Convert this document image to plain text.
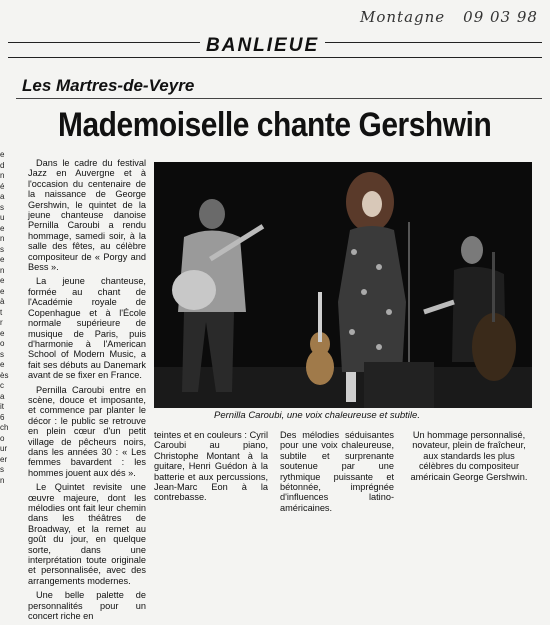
Montagne 09 03 98
BANLIEUE
Les Martres-de-Veyre
Mademoiselle chante Gershwin
e
d
n
é
a
s
u
e
n
s
e
n
e
e
à
t
r
e
o
s
e
ès
c
a
it
6
ch
o
ur
er
s
n

Dans le cadre du festival Jazz en Auvergne et à l'occasion du centenaire de la naissance de George Gershwin, le quintet de la jeune chanteuse danoise Pernilla Caroubi a rendu hommage, samedi soir, à la salle des fêtes, au célèbre compositeur de « Porgy and Bess ».

La jeune chanteuse, formée au chant de l'Académie royale de Copenhague et à l'École normale supérieure de musique de Paris, puis d'harmonie à l'American School of Modern Music, a fait ses débuts au Danemark avant de se fixer en France.

Pernilla Caroubi entre en scène, douce et imposante, et commence par planter le décor : le public se retrouve en plein cœur d'un petit village de pêcheurs noirs, dans les années 30 : « Les femmes bavardent : les hommes jouent aux dés ».

Le Quintet revisite une œuvre majeure, dont les mélodies ont fait leur chemin dans les théâtres de Broadway, et la remet au goût du jour, en quelque sorte, dans une interprétation toute originale et personnalisée, avec des arrangements modernes.

Une belle palette de personnalités pour un concert riche en

Pernilla Caroubi, une voix chaleureuse et subtile.

teintes et en couleurs : Cyril Caroubi au piano, Christophe Montant à la guitare, Henri Guédon à la batterie et aux percussions, Jean-Marc Eon à la contrebasse.

Des mélodies séduisantes pour une voix chaleureuse, subtile et surprenante soutenue par une rythmique puissante et bétonnée, imprégnée d'influences latino-américaines.

Un hommage personnalisé, novateur, plein de fraîcheur, aux standards les plus célèbres du compositeur américain George Gershwin.
